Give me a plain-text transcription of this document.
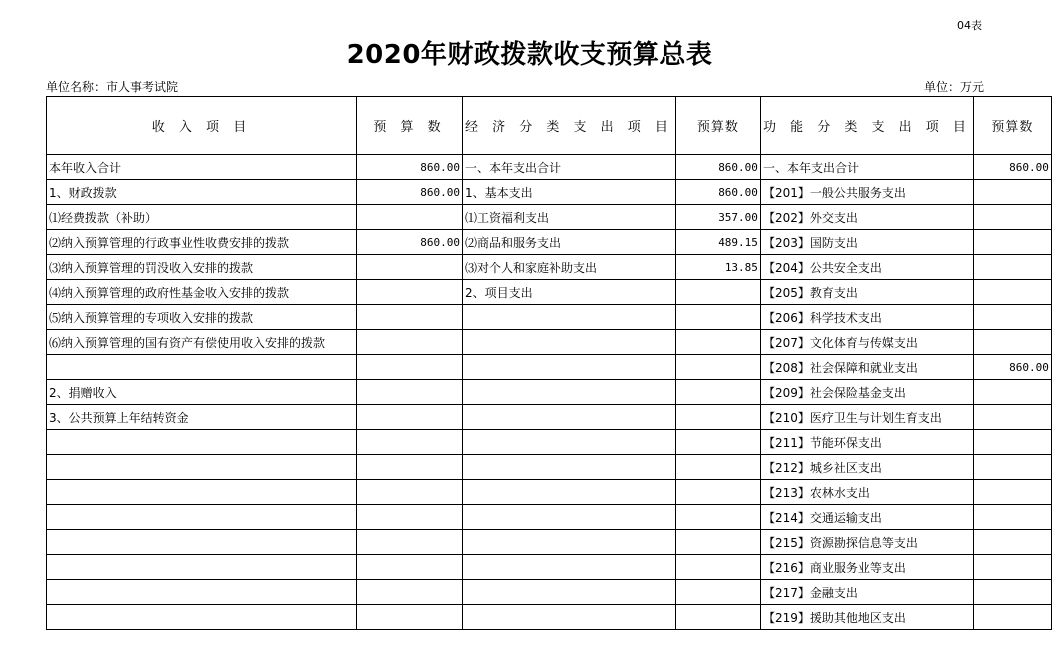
04表
2020年财政拨款收支预算总表
单位名称：市人事考试院	单位：万元
收 入 项 目	预 算 数	经 济 分 类 支 出 项 目	预算数	功 能 分 类 支 出 项 目	预算数
本年收入合计	860.00	一、本年支出合计	860.00	一、本年支出合计	860.00
1、财政拨款	860.00	1、基本支出	860.00	【201】一般公共服务支出	
⑴经费拨款（补助）		⑴工资福利支出	357.00	【202】外交支出	
⑵纳入预算管理的行政事业性收费安排的拨款	860.00	⑵商品和服务支出	489.15	【203】国防支出	
⑶纳入预算管理的罚没收入安排的拨款		⑶对个人和家庭补助支出	13.85	【204】公共安全支出	
⑷纳入预算管理的政府性基金收入安排的拨款		2、项目支出		【205】教育支出	
⑸纳入预算管理的专项收入安排的拨款				【206】科学技术支出	
⑹纳入预算管理的国有资产有偿使用收入安排的拨款				【207】文化体育与传媒支出	
				【208】社会保障和就业支出	860.00
2、捐赠收入				【209】社会保险基金支出	
3、公共预算上年结转资金				【210】医疗卫生与计划生育支出	
				【211】节能环保支出	
				【212】城乡社区支出	
				【213】农林水支出	
				【214】交通运输支出	
				【215】资源勘探信息等支出	
				【216】商业服务业等支出	
				【217】金融支出	
				【219】援助其他地区支出	
